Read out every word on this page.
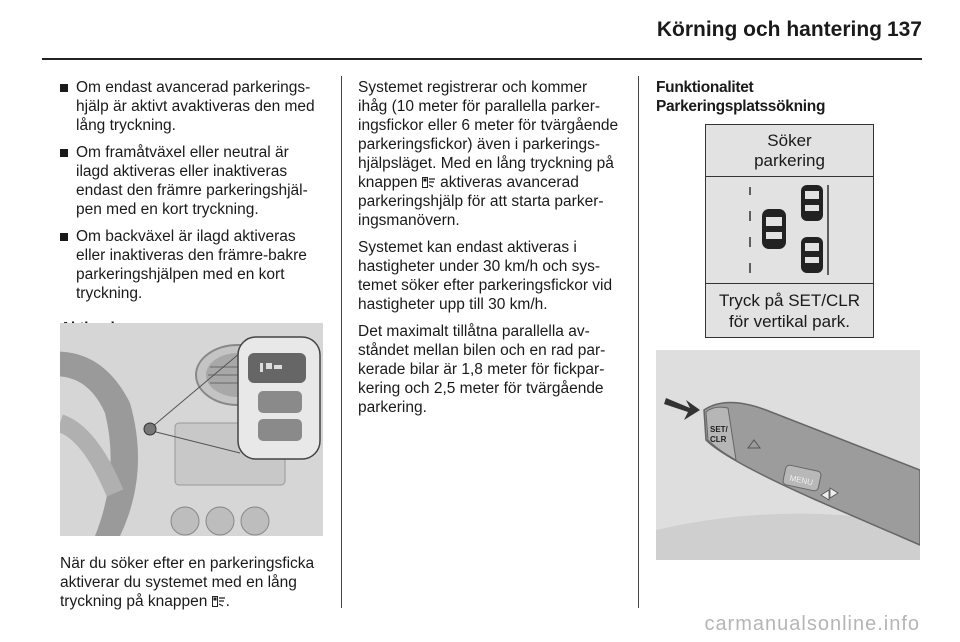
Körning och hantering 137
Om endast avancerad parkerings-
hjälp är aktivt avaktiveras den med
lång tryckning.
Om framåtväxel eller neutral är
ilagd aktiveras eller inaktiveras
endast den främre parkeringshjäl-
pen med en kort tryckning.
Om backväxel är ilagd aktiveras
eller inaktiveras den främre-bakre
parkeringshjälpen med en kort
tryckning.

När du söker efter en parkeringsficka
aktiverar du systemet med en lång
tryckning på knappen .

Systemet registrerar och kommer
ihåg (10 meter för parallella parker-
ingsfickor eller 6 meter för tvärgående
parkeringsfickor) även i parkerings-
hjälpsläget. Med en lång tryckning på
knappen aktiveras avancerad
parkeringshjälp för att starta parker-
ingsmanövern.

Systemet kan endast aktiveras i
hastigheter under 30 km/h och sys-
temet söker efter parkeringsfickor vid
hastigheter upp till 30 km/h.

Det maximalt tillåtna parallella av-
ståndet mellan bilen och en rad par-
kerade bilar är 1,8 meter för fickpar-
kering och 2,5 meter för tvärgående
parkering.

Funktionalitet
Parkeringsplatssökning
Söker
parkering
Tryck på SET/CLR
för vertikal park.
MENU
SET/
CLR
carmanualsonline.info
